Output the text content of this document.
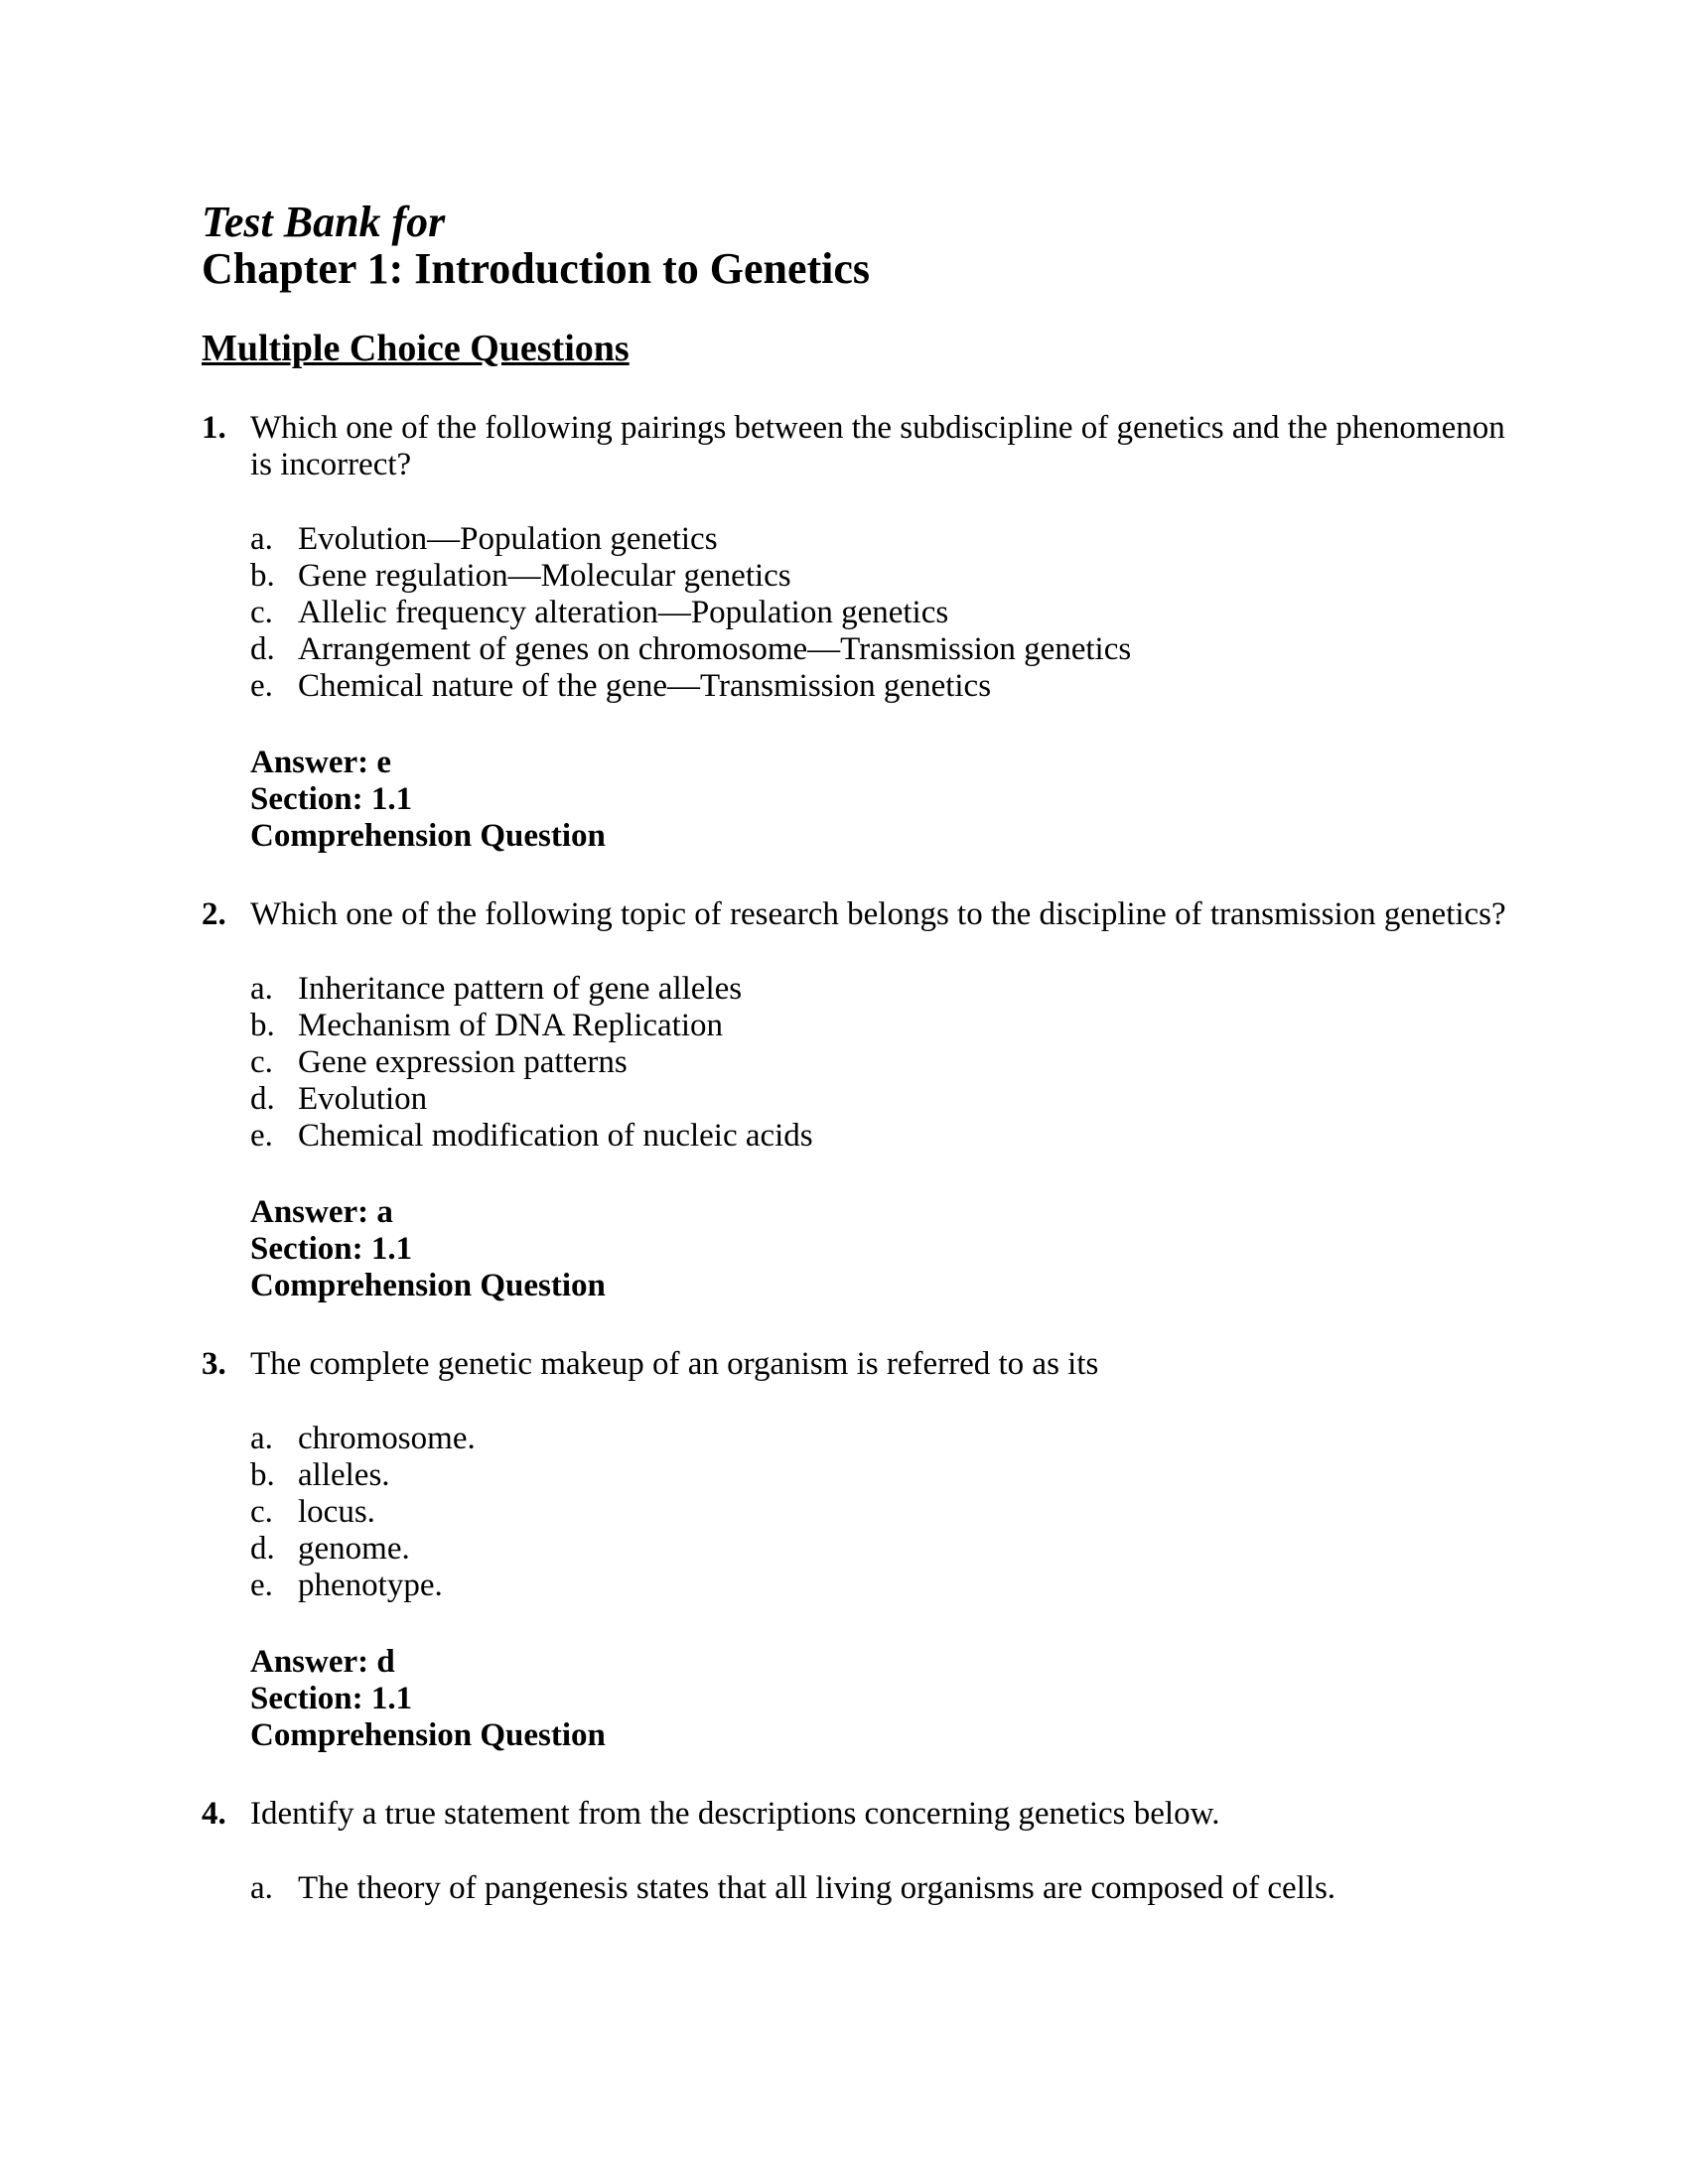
Test Bank for
Chapter 1: Introduction to Genetics
Multiple Choice Questions
1. Which one of the following pairings between the subdiscipline of genetics and the phenomenon is incorrect?
a. Evolution—Population genetics
b. Gene regulation—Molecular genetics
c. Allelic frequency alteration—Population genetics
d. Arrangement of genes on chromosome—Transmission genetics
e. Chemical nature of the gene—Transmission genetics
Answer: e
Section: 1.1
Comprehension Question
2. Which one of the following topic of research belongs to the discipline of transmission genetics?
a. Inheritance pattern of gene alleles
b. Mechanism of DNA Replication
c. Gene expression patterns
d. Evolution
e. Chemical modification of nucleic acids
Answer: a
Section: 1.1
Comprehension Question
3. The complete genetic makeup of an organism is referred to as its
a. chromosome.
b. alleles.
c. locus.
d. genome.
e. phenotype.
Answer: d
Section: 1.1
Comprehension Question
4. Identify a true statement from the descriptions concerning genetics below.
a. The theory of pangenesis states that all living organisms are composed of cells.
